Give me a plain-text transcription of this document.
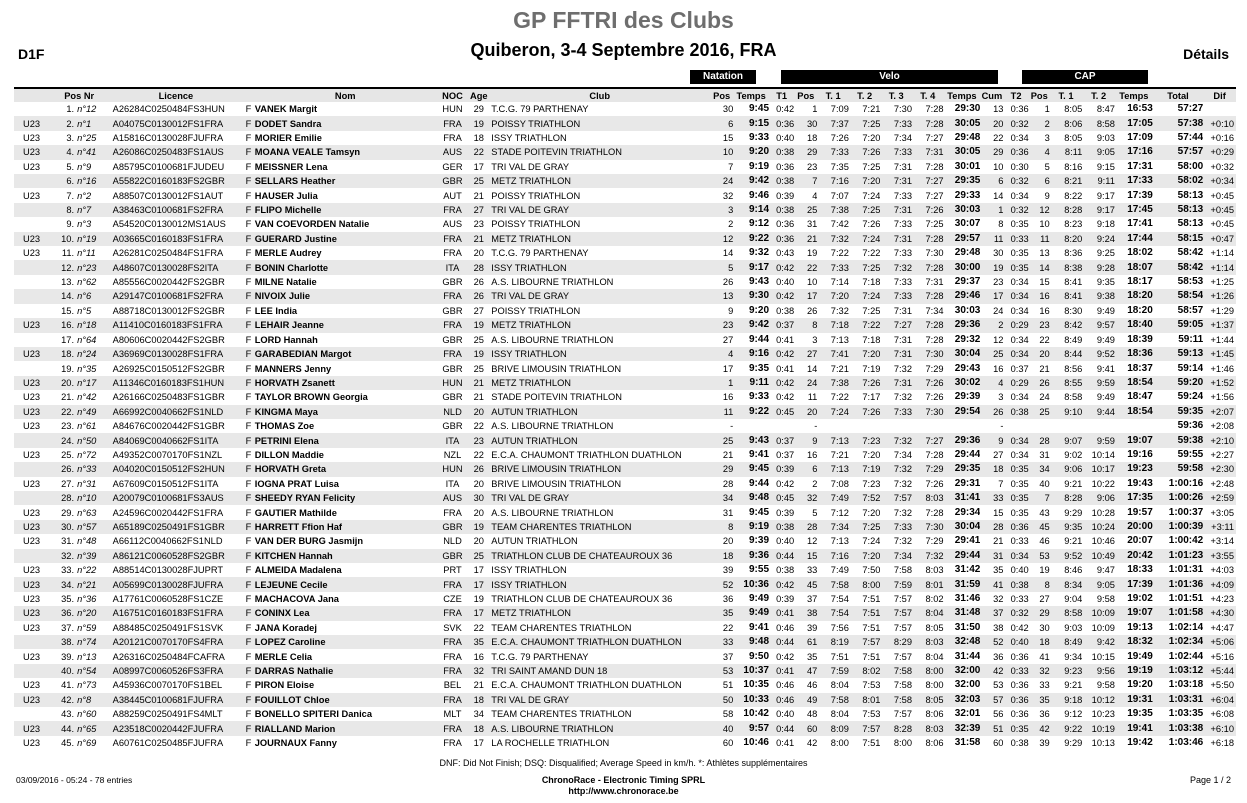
GP FFTRI des Clubs
Quiberon, 3-4 Septembre 2016, FRA
D1F	Détails
Natation	Velo	CAP
	Pos Nr		Licence		Nom	NOC	Age	Club	Pos	Temps	T1	Pos	T. 1	T. 2	T. 3	T. 4	Temps	Cum	T2	Pos	T. 1	T. 2	Temps	Total	Dif
	1.	n°12	A26284C0250484FS3HUN	F	VANEK Margit	HUN	29	T.C.G. 79 PARTHENAY	30	9:45	0:42	1	7:09	7:21	7:30	7:28	29:30	13	0:36	1	8:05	8:47	16:53	57:27	
U23	2.	n°1	A04075C0130012FS1FRA	F	DODET Sandra	FRA	19	POISSY TRIATHLON	6	9:15	0:36	30	7:37	7:25	7:33	7:28	30:05	20	0:32	2	8:06	8:58	17:05	57:38	+0:10
U23	3.	n°25	A15816C0130028FJUFRA	F	MORIER Emilie	FRA	18	ISSY TRIATHLON	15	9:33	0:40	18	7:26	7:20	7:34	7:27	29:48	22	0:34	3	8:05	9:03	17:09	57:44	+0:16
U23	4.	n°41	A26086C0250483FS1AUS	F	MOANA VEALE Tamsyn	AUS	22	STADE POITEVIN TRIATHLON	10	9:20	0:38	29	7:33	7:26	7:33	7:31	30:05	29	0:36	4	8:11	9:05	17:16	57:57	+0:29
U23	5.	n°9	A85795C0100681FJUDEU	F	MEISSNER Lena	GER	17	TRI VAL DE GRAY	7	9:19	0:36	23	7:35	7:25	7:31	7:28	30:01	10	0:30	5	8:16	9:15	17:31	58:00	+0:32
	6.	n°16	A55822C0160183FS2GBR	F	SELLARS Heather	GBR	25	METZ TRIATHLON	24	9:42	0:38	7	7:16	7:20	7:31	7:27	29:35	6	0:32	6	8:21	9:11	17:33	58:02	+0:34
U23	7.	n°2	A88507C0130012FS1AUT	F	HAUSER Julia	AUT	21	POISSY TRIATHLON	32	9:46	0:39	4	7:07	7:24	7:33	7:27	29:33	14	0:34	9	8:22	9:17	17:39	58:13	+0:45
	8.	n°7	A38463C0100681FS2FRA	F	FLIPO Michelle	FRA	27	TRI VAL DE GRAY	3	9:14	0:38	25	7:38	7:25	7:31	7:26	30:03	1	0:32	12	8:28	9:17	17:45	58:13	+0:45
	9.	n°3	A54520C0130012MS1AUS	F	VAN COEVORDEN Natalie	AUS	23	POISSY TRIATHLON	2	9:12	0:36	31	7:42	7:26	7:33	7:25	30:07	8	0:35	10	8:23	9:18	17:41	58:13	+0:45
U23	10.	n°19	A03665C0160183FS1FRA	F	GUERARD Justine	FRA	21	METZ TRIATHLON	12	9:22	0:36	21	7:32	7:24	7:31	7:28	29:57	11	0:33	11	8:20	9:24	17:44	58:15	+0:47
U23	11.	n°11	A26281C0250484FS1FRA	F	MERLE Audrey	FRA	20	T.C.G. 79 PARTHENAY	14	9:32	0:43	19	7:22	7:22	7:33	7:30	29:48	30	0:35	13	8:36	9:25	18:02	58:42	+1:14
	12.	n°23	A48607C0130028FS2ITA	F	BONIN Charlotte	ITA	28	ISSY TRIATHLON	5	9:17	0:42	22	7:33	7:25	7:32	7:28	30:00	19	0:35	14	8:38	9:28	18:07	58:42	+1:14
	13.	n°62	A85556C0020442FS2GBR	F	MILNE Natalie	GBR	26	A.S. LIBOURNE TRIATHLON	26	9:43	0:40	10	7:14	7:18	7:33	7:31	29:37	23	0:34	15	8:41	9:35	18:17	58:53	+1:25
	14.	n°6	A29147C0100681FS2FRA	F	NIVOIX Julie	FRA	26	TRI VAL DE GRAY	13	9:30	0:42	17	7:20	7:24	7:33	7:28	29:46	17	0:34	16	8:41	9:38	18:20	58:54	+1:26
	15.	n°5	A88718C0130012FS2GBR	F	LEE India	GBR	27	POISSY TRIATHLON	9	9:20	0:38	26	7:32	7:25	7:31	7:34	30:03	24	0:34	16	8:30	9:49	18:20	58:57	+1:29
U23	16.	n°18	A11410C0160183FS1FRA	F	LEHAIR Jeanne	FRA	19	METZ TRIATHLON	23	9:42	0:37	8	7:18	7:22	7:27	7:28	29:36	2	0:29	23	8:42	9:57	18:40	59:05	+1:37
	17.	n°64	A80606C0020442FS2GBR	F	LORD Hannah	GBR	25	A.S. LIBOURNE TRIATHLON	27	9:44	0:41	3	7:13	7:18	7:31	7:28	29:32	12	0:34	22	8:49	9:49	18:39	59:11	+1:44
U23	18.	n°24	A36969C0130028FS1FRA	F	GARABEDIAN Margot	FRA	19	ISSY TRIATHLON	4	9:16	0:42	27	7:41	7:20	7:31	7:30	30:04	25	0:34	20	8:44	9:52	18:36	59:13	+1:45
	19.	n°35	A26925C0150512FS2GBR	F	MANNERS Jenny	GBR	25	BRIVE LIMOUSIN TRIATHLON	17	9:35	0:41	14	7:21	7:19	7:32	7:29	29:43	16	0:37	21	8:56	9:41	18:37	59:14	+1:46
U23	20.	n°17	A11346C0160183FS1HUN	F	HORVATH Zsanett	HUN	21	METZ TRIATHLON	1	9:11	0:42	24	7:38	7:26	7:31	7:26	30:02	4	0:29	26	8:55	9:59	18:54	59:20	+1:52
U23	21.	n°42	A26166C0250483FS1GBR	F	TAYLOR BROWN Georgia	GBR	21	STADE POITEVIN TRIATHLON	16	9:33	0:42	11	7:22	7:17	7:32	7:26	29:39	3	0:34	24	8:58	9:49	18:47	59:24	+1:56
U23	22.	n°49	A66992C0040662FS1NLD	F	KINGMA Maya	NLD	20	AUTUN TRIATHLON	11	9:22	0:45	20	7:24	7:26	7:33	7:30	29:54	26	0:38	25	9:10	9:44	18:54	59:35	+2:07
U23	23.	n°61	A84676C0020442FS1GBR	F	THOMAS Zoe	GBR	22	A.S. LIBOURNE TRIATHLON	-			-						-						59:36	+2:08
	24.	n°50	A84069C0040662FS1ITA	F	PETRINI Elena	ITA	23	AUTUN TRIATHLON	25	9:43	0:37	9	7:13	7:23	7:32	7:27	29:36	9	0:34	28	9:07	9:59	19:07	59:38	+2:10
U23	25.	n°72	A49352C0070170FS1NZL	F	DILLON Maddie	NZL	22	E.C.A. CHAUMONT TRIATHLON DUATHLON	21	9:41	0:37	16	7:21	7:20	7:34	7:28	29:44	27	0:34	31	9:02	10:14	19:16	59:55	+2:27
	26.	n°33	A04020C0150512FS2HUN	F	HORVATH Greta	HUN	26	BRIVE LIMOUSIN TRIATHLON	29	9:45	0:39	6	7:13	7:19	7:32	7:29	29:35	18	0:35	34	9:06	10:17	19:23	59:58	+2:30
U23	27.	n°31	A67609C0150512FS1ITA	F	IOGNA PRAT Luisa	ITA	20	BRIVE LIMOUSIN TRIATHLON	28	9:44	0:42	2	7:08	7:23	7:32	7:26	29:31	7	0:35	40	9:21	10:22	19:43	1:00:16	+2:48
	28.	n°10	A20079C0100681FS3AUS	F	SHEEDY RYAN Felicity	AUS	30	TRI VAL DE GRAY	34	9:48	0:45	32	7:49	7:52	7:57	8:03	31:41	33	0:35	7	8:28	9:06	17:35	1:00:26	+2:59
U23	29.	n°63	A24596C0020442FS1FRA	F	GAUTIER Mathilde	FRA	20	A.S. LIBOURNE TRIATHLON	31	9:45	0:39	5	7:12	7:20	7:32	7:28	29:34	15	0:35	43	9:29	10:28	19:57	1:00:37	+3:05
U23	30.	n°57	A65189C0250491FS1GBR	F	HARRETT Ffion Haf	GBR	19	TEAM CHARENTES TRIATHLON	8	9:19	0:38	28	7:34	7:25	7:33	7:30	30:04	28	0:36	45	9:35	10:24	20:00	1:00:39	+3:11
U23	31.	n°48	A66112C0040662FS1NLD	F	VAN DER BURG Jasmijn	NLD	20	AUTUN TRIATHLON	20	9:39	0:40	12	7:13	7:24	7:32	7:29	29:41	21	0:33	46	9:21	10:46	20:07	1:00:42	+3:14
	32.	n°39	A86121C0060528FS2GBR	F	KITCHEN Hannah	GBR	25	TRIATHLON CLUB DE CHATEAUROUX 36	18	9:36	0:44	15	7:16	7:20	7:34	7:32	29:44	31	0:34	53	9:52	10:49	20:42	1:01:23	+3:55
U23	33.	n°22	A88514C0130028FJUPRT	F	ALMEIDA Madalena	PRT	17	ISSY TRIATHLON	39	9:55	0:38	33	7:49	7:50	7:58	8:03	31:42	35	0:40	19	8:46	9:47	18:33	1:01:31	+4:03
U23	34.	n°21	A05699C0130028FJUFRA	F	LEJEUNE Cecile	FRA	17	ISSY TRIATHLON	52	10:36	0:42	45	7:58	8:00	7:59	8:01	31:59	41	0:38	8	8:34	9:05	17:39	1:01:36	+4:09
U23	35.	n°36	A17761C0060528FS1CZE	F	MACHACOVA Jana	CZE	19	TRIATHLON CLUB DE CHATEAUROUX 36	36	9:49	0:39	37	7:54	7:51	7:57	8:02	31:46	32	0:33	27	9:04	9:58	19:02	1:01:51	+4:23
U23	36.	n°20	A16751C0160183FS1FRA	F	CONINX Lea	FRA	17	METZ TRIATHLON	35	9:49	0:41	38	7:54	7:51	7:57	8:04	31:48	37	0:32	29	8:58	10:09	19:07	1:01:58	+4:30
U23	37.	n°59	A88485C0250491FS1SVK	F	JANA Koradej	SVK	22	TEAM CHARENTES TRIATHLON	22	9:41	0:46	39	7:56	7:51	7:57	8:05	31:50	38	0:42	30	9:03	10:09	19:13	1:02:14	+4:47
	38.	n°74	A20121C0070170FS4FRA	F	LOPEZ Caroline	FRA	35	E.C.A. CHAUMONT TRIATHLON DUATHLON	33	9:48	0:44	61	8:19	7:57	8:29	8:03	32:48	52	0:40	18	8:49	9:42	18:32	1:02:34	+5:06
U23	39.	n°13	A26316C0250484FCAFRA	F	MERLE Celia	FRA	16	T.C.G. 79 PARTHENAY	37	9:50	0:42	35	7:51	7:51	7:57	8:04	31:44	36	0:36	41	9:34	10:15	19:49	1:02:44	+5:16
	40.	n°54	A08997C0060526FS3FRA	F	DARRAS Nathalie	FRA	32	TRI SAINT AMAND DUN 18	53	10:37	0:41	47	7:59	8:02	7:58	8:00	32:00	42	0:33	32	9:23	9:56	19:19	1:03:12	+5:44
U23	41.	n°73	A45936C0070170FS1BEL	F	PIRON Eloise	BEL	21	E.C.A. CHAUMONT TRIATHLON DUATHLON	51	10:35	0:46	46	8:04	7:53	7:58	8:00	32:00	53	0:36	33	9:21	9:58	19:20	1:03:18	+5:50
U23	42.	n°8	A38445C0100681FJUFRA	F	FOUILLOT Chloe	FRA	18	TRI VAL DE GRAY	50	10:33	0:46	49	7:58	8:01	7:58	8:05	32:03	57	0:36	35	9:18	10:12	19:31	1:03:31	+6:04
	43.	n°60	A88259C0250491FS4MLT	F	BONELLO SPITERI Danica	MLT	34	TEAM CHARENTES TRIATHLON	58	10:42	0:40	48	8:04	7:53	7:57	8:06	32:01	56	0:36	36	9:12	10:23	19:35	1:03:35	+6:08
U23	44.	n°65	A23518C0020442FJUFRA	F	RIALLAND Marion	FRA	18	A.S. LIBOURNE TRIATHLON	40	9:57	0:44	60	8:09	7:57	8:28	8:03	32:39	51	0:35	42	9:22	10:19	19:41	1:03:38	+6:10
U23	45.	n°69	A60761C0250485FJUFRA	F	JOURNAUX Fanny	FRA	17	LA ROCHELLE TRIATHLON	60	10:46	0:41	42	8:00	7:51	8:00	8:06	31:58	60	0:38	39	9:29	10:13	19:42	1:03:46	+6:18
DNF: Did Not Finish; DSQ: Disqualified; Average Speed in km/h. *: Athlètes supplémentaires
03/09/2016 - 05:24 - 78 entries	ChronoRace - Electronic Timing SPRL
http://www.chronorace.be
Page 1 / 2
